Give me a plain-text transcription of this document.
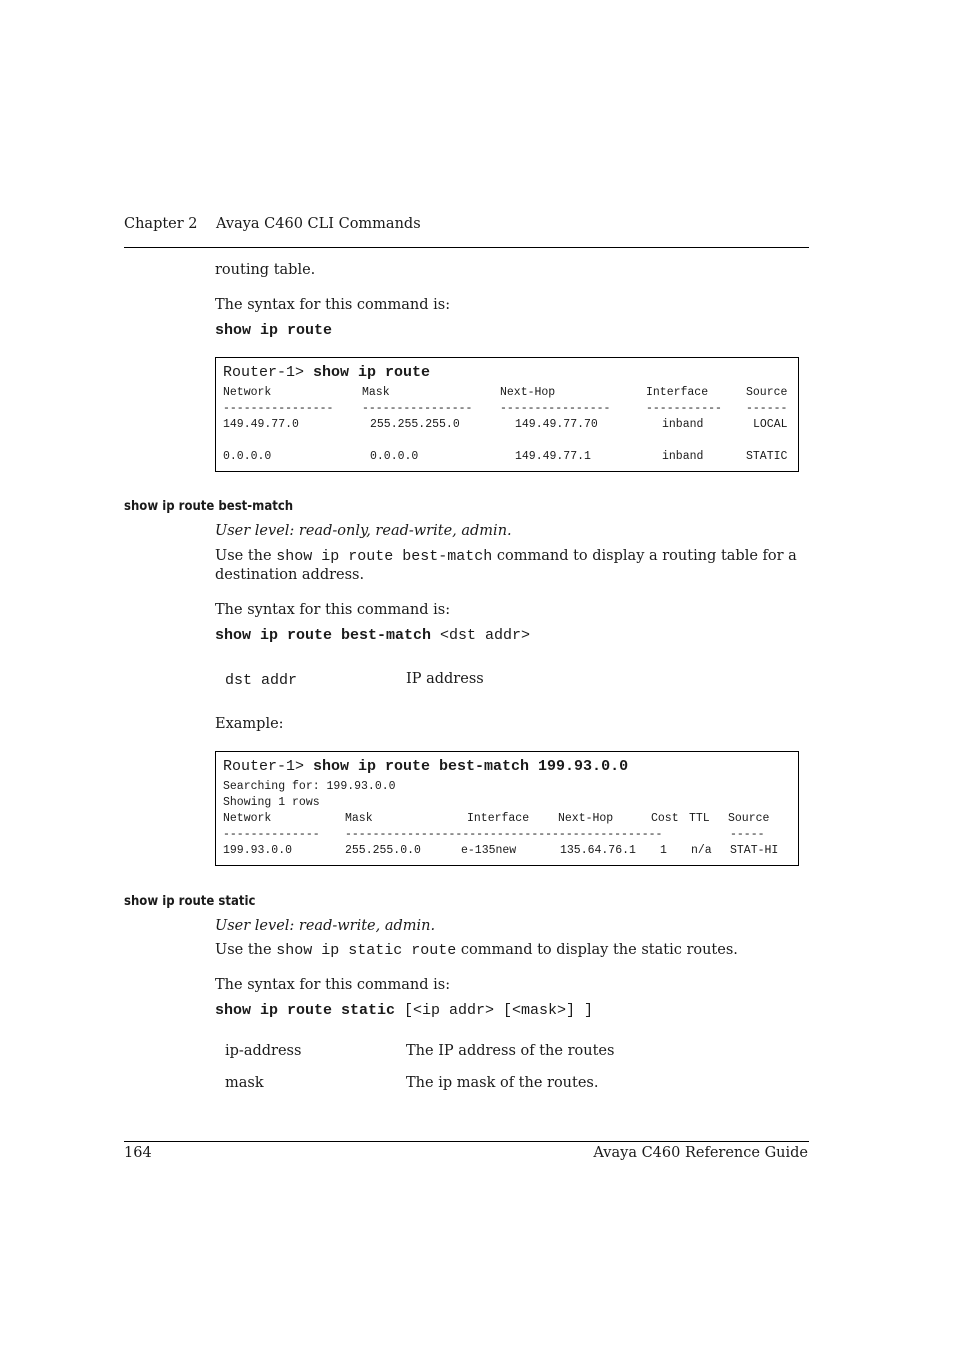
Chapter 2 Avaya C460 CLI Commands
routing table.
The syntax for this command is:
show ip route
Router-1> show ip route
Network	Mask	Next-Hop	Interface	Source
---------------- ---------------- ----------------	----------- ------
149.49.77.0	255.255.255.0	149.49.77.70	inband	LOCAL
0.0.0.0	0.0.0.0	149.49.77.1	inband	STATIC
show ip route best-match
User level: read-only, read-write, admin.
Use the show ip route best-match command to display a routing table for a
destination address.
The syntax for this command is:
show ip route best-match <dst addr>
dst addr	IP address
Example:
Router-1> show ip route best-match 199.93.0.0
Searching for: 199.93.0.0
Showing 1 rows
Network	Mask	Interface	Next-Hop	Cost TTL Source
-------------- ----------------------------------------------	-----
199.93.0.0	255.255.0.0	e-135new	135.64.76.1 1 n/a STAT-HI
show ip route static
User level: read-write, admin.
Use the show ip static route command to display the static routes.
The syntax for this command is:
show ip route static [<ip addr> [<mask>] ]
ip-address	The IP address of the routes
mask	The ip mask of the routes.
164	Avaya C460 Reference Guide
